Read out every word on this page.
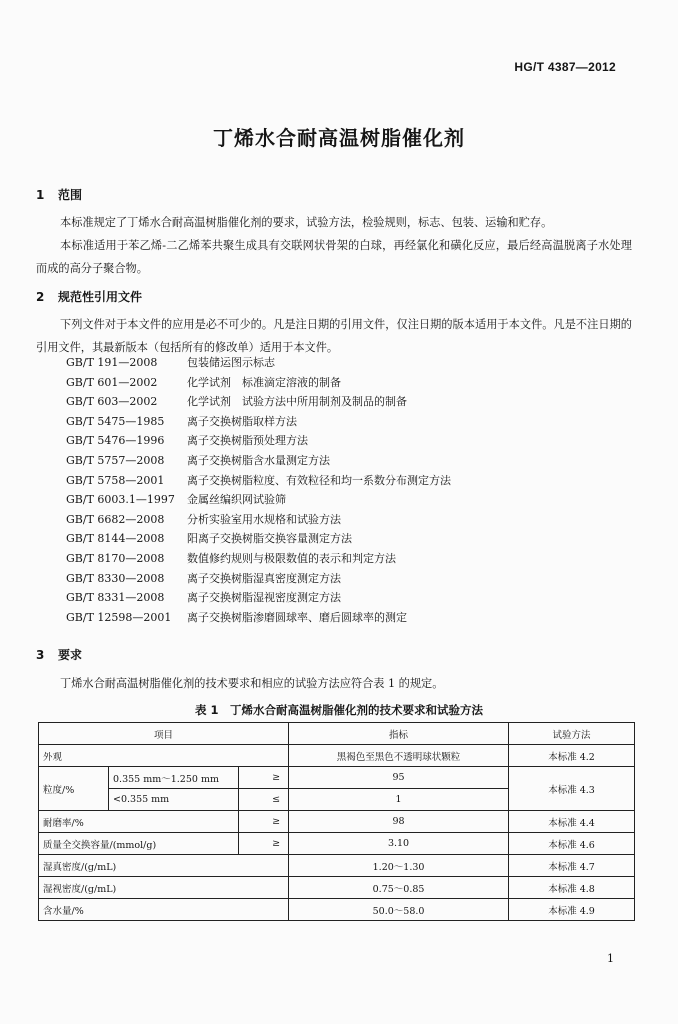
HG/T 4387—2012
丁烯水合耐高温树脂催化剂
1 范围
本标准规定了丁烯水合耐高温树脂催化剂的要求，试验方法，检验规则，标志、包装、运输和贮存。
本标准适用于苯乙烯-二乙烯苯共聚生成具有交联网状骨架的白球，再经氯化和磺化反应，最后经高温脱离子水处理而成的高分子聚合物。
2 规范性引用文件
下列文件对于本文件的应用是必不可少的。凡是注日期的引用文件，仅注日期的版本适用于本文件。凡是不注日期的引用文件，其最新版本（包括所有的修改单）适用于本文件。
GB/T 191—2008　	包装储运图示标志
GB/T 601—2002　	化学试剂　标准滴定溶液的制备
GB/T 603—2002　	化学试剂　试验方法中所用制剂及制品的制备
GB/T 5475—1985　 离子交换树脂取样方法
GB/T 5476—1996　 离子交换树脂预处理方法
GB/T 5757—2008　 离子交换树脂含水量测定方法
GB/T 5758—2001　 离子交换树脂粒度、有效粒径和均一系数分布测定方法
GB/T 6003.1—1997　 金属丝编织网试验筛
GB/T 6682—2008　 分析实验室用水规格和试验方法
GB/T 8144—2008　 阳离子交换树脂交换容量测定方法
GB/T 8170—2008　 数值修约规则与极限数值的表示和判定方法
GB/T 8330—2008　 离子交换树脂湿真密度测定方法
GB/T 8331—2008　 离子交换树脂湿视密度测定方法
GB/T 12598—2001　 离子交换树脂渗磨圆球率、磨后圆球率的测定
3 要求
丁烯水合耐高温树脂催化剂的技术要求和相应的试验方法应符合表 1 的规定。
表 1　丁烯水合耐高温树脂催化剂的技术要求和试验方法
项目			指标	试验方法
外观			黑褐色至黑色不透明球状颗粒	本标准 4.2
粒度/%	0.355 mm～1.250 mm	≥	95	本标准 4.3
	<0.355 mm	≤	1	
耐磨率/%		≥	98	本标准 4.4
质量全交换容量/(mmol/g)		≥	3.10	本标准 4.6
湿真密度/(g/mL)			1.20～1.30	本标准 4.7
湿视密度/(g/mL)			0.75～0.85	本标准 4.8
含水量/%			50.0～58.0	本标准 4.9
1
